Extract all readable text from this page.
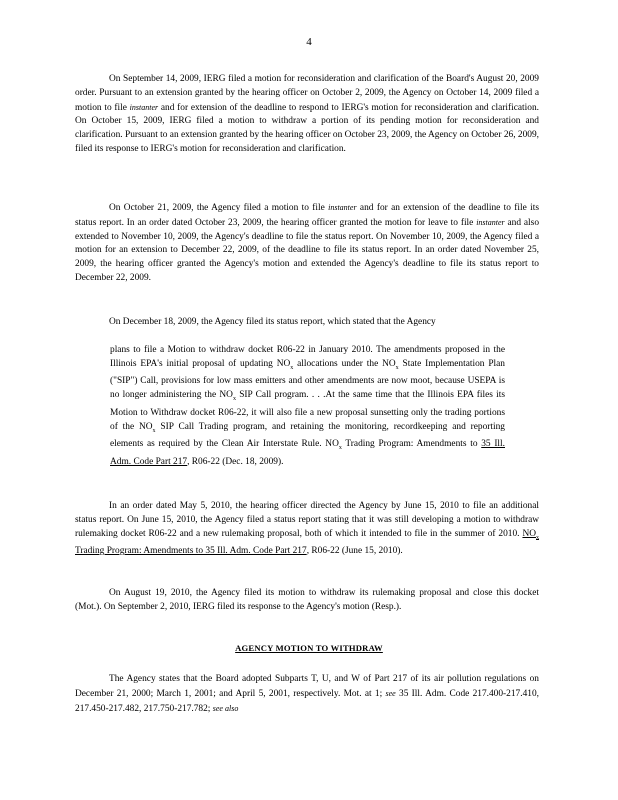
4

On September 14, 2009, IERG filed a motion for reconsideration and clarification of the Board's August 20, 2009 order. Pursuant to an extension granted by the hearing officer on October 2, 2009, the Agency on October 14, 2009 filed a motion to file instanter and for extension of the deadline to respond to IERG's motion for reconsideration and clarification. On October 15, 2009, IERG filed a motion to withdraw a portion of its pending motion for reconsideration and clarification. Pursuant to an extension granted by the hearing officer on October 23, 2009, the Agency on October 26, 2009, filed its response to IERG's motion for reconsideration and clarification.

On October 21, 2009, the Agency filed a motion to file instanter and for an extension of the deadline to file its status report. In an order dated October 23, 2009, the hearing officer granted the motion for leave to file instanter and also extended to November 10, 2009, the Agency's deadline to file the status report. On November 10, 2009, the Agency filed a motion for an extension to December 22, 2009, of the deadline to file its status report. In an order dated November 25, 2009, the hearing officer granted the Agency's motion and extended the Agency's deadline to file its status report to December 22, 2009.

On December 18, 2009, the Agency filed its status report, which stated that the Agency

plans to file a Motion to withdraw docket R06-22 in January 2010. The amendments proposed in the Illinois EPA's initial proposal of updating $NO_x$ allocations under the $NO_x$ State Implementation Plan ("SIP") Call, provisions for low mass emitters and other amendments are now moot, because USEPA is no longer administering the $NO_x$ SIP Call program. . . .At the same time that the Illinois EPA files its Motion to Withdraw docket R06-22, it will also file a new proposal sunsetting only the trading portions of the $NO_x$ SIP Call Trading program, and retaining the monitoring, recordkeeping and reporting elements as required by the Clean Air Interstate Rule. $NO_x$ Trading Program: Amendments to 35 Ill. Adm. Code Part 217, R06-22 (Dec. 18, 2009).

In an order dated May 5, 2010, the hearing officer directed the Agency by June 15, 2010 to file an additional status report. On June 15, 2010, the Agency filed a status report stating that it was still developing a motion to withdraw rulemaking docket R06-22 and a new rulemaking proposal, both of which it intended to file in the summer of 2010. $NO_x$ Trading Program: Amendments to 35 Ill. Adm. Code Part 217, R06-22 (June 15, 2010).

On August 19, 2010, the Agency filed its motion to withdraw its rulemaking proposal and close this docket (Mot.). On September 2, 2010, IERG filed its response to the Agency's motion (Resp.).

AGENCY MOTION TO WITHDRAW

The Agency states that the Board adopted Subparts T, U, and W of Part 217 of its air pollution regulations on December 21, 2000; March 1, 2001; and April 5, 2001, respectively. Mot. at 1; see 35 Ill. Adm. Code 217.400-217.410, 217.450-217.482, 217.750-217.782; see also
